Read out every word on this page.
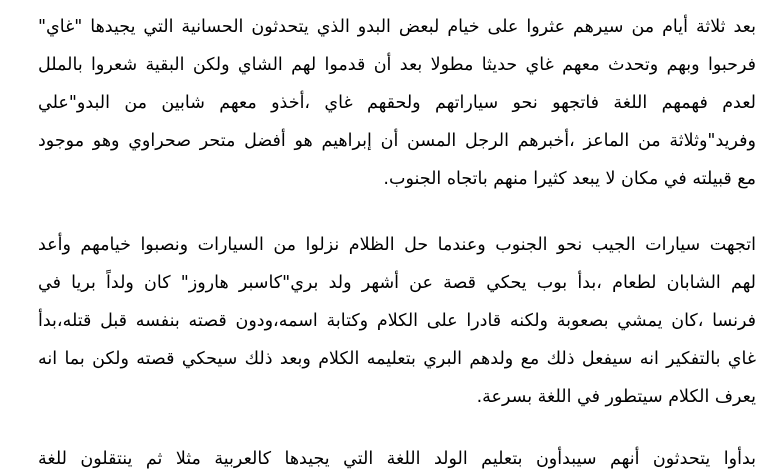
بعد ثلاثة أيام من سيرهم عثروا على خيام لبعض البدو الذي يتحدثون الحسانية التي يجيدها "غاي"
فرحبوا وبهم وتحدث معهم غاي حديثا مطولا بعد أن قدموا لهم الشاي ولكن البقية شعروا بالملل
لعدم فهمهم اللغة فاتجهو نحو سياراتهم ولحقهم غاي ،أخذو معهم شابين من البدو"علي
وفريد"وثلاثة من الماعز ،أخبرهم الرجل المسن أن إبراهيم هو أفضل متحر صحراوي وهو موجود
مع قبيلته في مكان لا يبعد كثيرا منهم باتجاه الجنوب.

اتجهت سيارات الجيب نحو الجنوب وعندما حل الظلام نزلوا من السيارات ونصبوا خيامهم وأعد
لهم الشابان لطعام ،بدأ بوب يحكي قصة عن أشهر ولد بري"كاسبر هاروز" كان ولداً بريا في
فرنسا ،كان يمشي بصعوبة ولكنه قادرا على الكلام وكتابة اسمه،ودون قصته بنفسه قبل قتله،بدأ
غاي بالتفكير انه سيفعل ذلك مع ولدهم البري بتعليمه الكلام وبعد ذلك سيحكي قصته ولكن بما انه
يعرف الكلام سيتطور في اللغة بسرعة.

بدأوا يتحدثون أنهم سيبدأون بتعليم الولد اللغة التي يجيدها كالعربية مثلا ثم ينتقلون للغة
